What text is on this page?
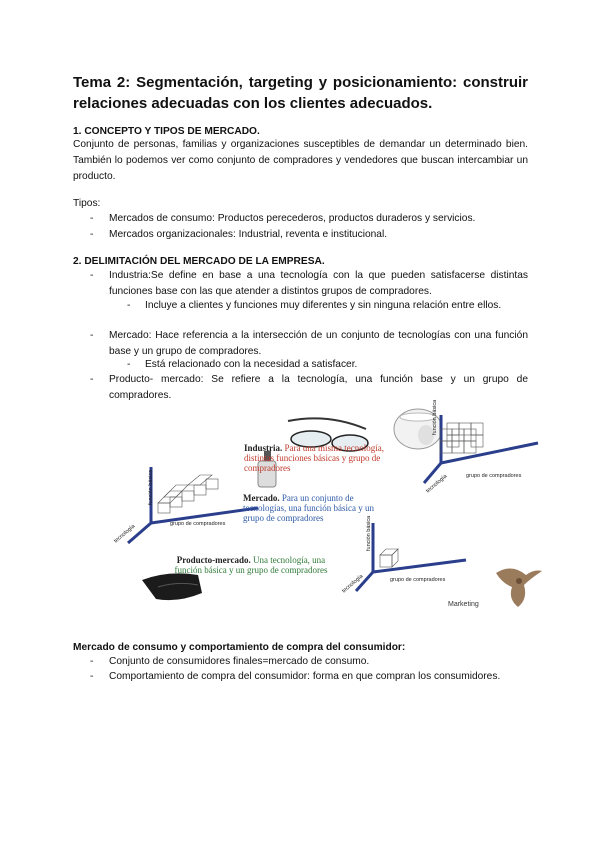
Tema 2: Segmentación, targeting y posicionamiento: construir relaciones adecuadas con los clientes adecuados.
1. CONCEPTO Y TIPOS DE MERCADO.
Conjunto de personas, familias y organizaciones susceptibles de demandar un determinado bien. También lo podemos ver como conjunto de compradores y vendedores que buscan intercambiar un producto.
Tipos:
- Mercados de consumo: Productos perecederos, productos duraderos y servicios.
- Mercados organizacionales: Industrial, reventa e institucional.
2. DELIMITACIÓN DEL MERCADO DE LA EMPRESA.
- Industria:Se define en base a una tecnología con la que pueden satisfacerse distintas funciones base con las que atender a distintos grupos de compradores.
- Incluye a clientes y funciones muy diferentes y sin ninguna relación entre ellos.
- Mercado: Hace referencia a la intersección de un conjunto de tecnologías con una función base y un grupo de compradores.
- Está relacionado con la necesidad a satisfacer.
- Producto- mercado: Se refiere a la tecnología, una función base y un grupo de compradores.
Industria. Para una misma tecnología, distintas funciones básicas y grupo de compradores
Mercado. Para un conjunto de tecnologías, una función básica y un grupo de compradores
Producto-mercado. Una tecnología, una función básica y un grupo de compradores
función básica
tecnología	grupo de compradores
función básica
tecnología	grupo de compradores	función básica
tecnología	grupo de compradores
Marketing
Mercado de consumo y comportamiento de compra del consumidor:
- Conjunto de consumidores finales=mercado de consumo.
- Comportamiento de compra del consumidor: forma en que compran los consumidores.
